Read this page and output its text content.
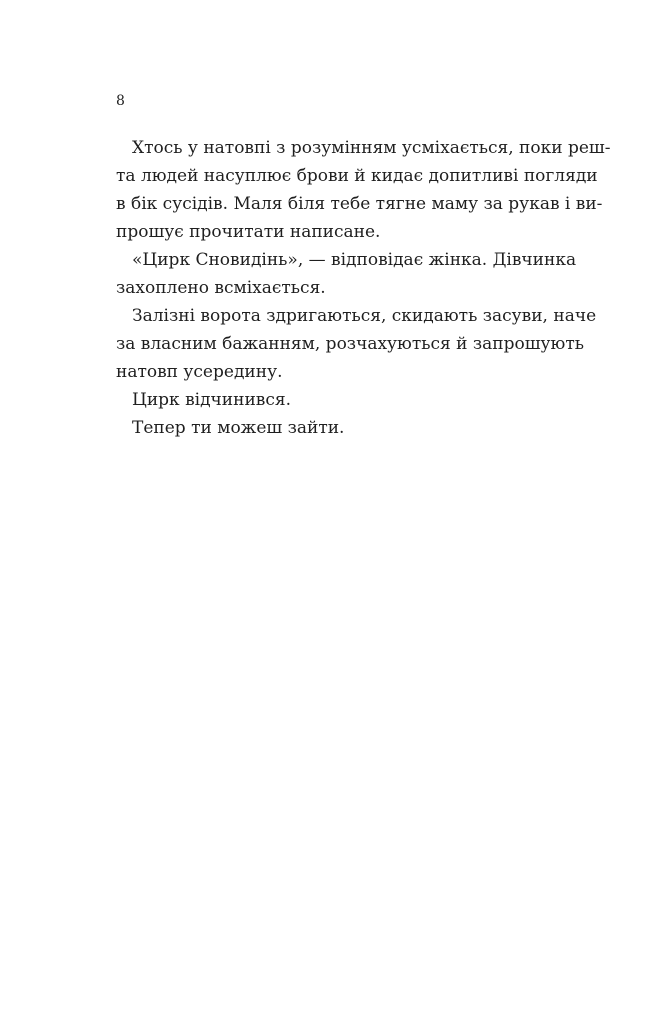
8
Хтось у натовпі з розумінням усміхається, поки реш-
та людей насуплює брови й кидає допитливі погляди
в бік сусідів. Маля біля тебе тягне маму за рукав і ви-
прошує прочитати написане.
«Цирк Сновидінь», — відповідає жінка. Дівчинка
захоплено всміхається.
Залізні ворота здригаються, скидають засуви, наче
за власним бажанням, розчахуються й запрошують
натовп усередину.
Цирк відчинився.
Тепер ти можеш зайти.
